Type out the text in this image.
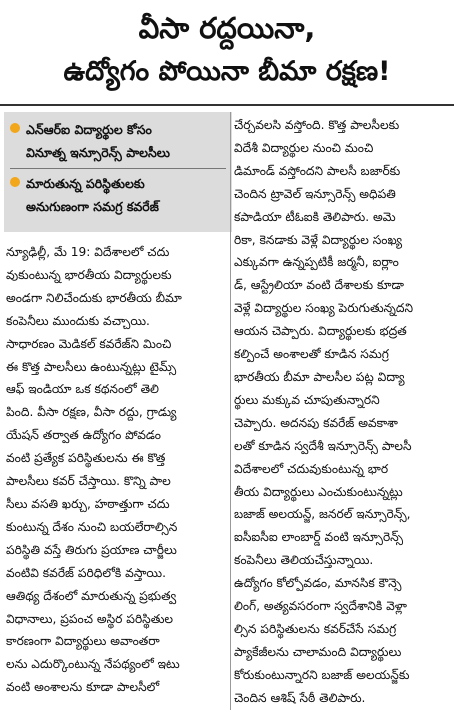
వీసా రద్దయినా,
ఉద్యోగం పోయినా బీమా రక్షణ!
ఎన్ఆర్ఐ విద్యార్థుల కోసం
వినూత్న ఇన్సూరెన్స్ పాలసీలు
మారుతున్న పరిస్థితులకు
అనుగుణంగా సమగ్ర కవరేజ్
న్యూఢిల్లీ, మే 19: విదేశాలలో చదు
వుకుంటున్న భారతీయ విద్యార్థులకు
అండగా నిలిచేందుకు భారతీయ బీమా
కంపెనీలు ముందుకు వచ్చాయి.
సాధారణం మెడికల్ కవరేజ్‌ని మించి
ఈ కొత్త పాలసీలు ఉంటున్నట్లు టైమ్స్
ఆఫ్ ఇండియా ఒక కథనంలో తెలి
పింది. వీసా రక్షణ, వీసా రద్దు, గ్రాడ్యు
యేషన్ తర్వాత ఉద్యోగం పోవడం
వంటి ప్రత్యేక పరిస్థితులను ఈ కొత్త
పాలసీలు కవర్ చేస్తాయి. కొన్ని పాల
సీలు వసతి ఖర్చు, హఠాత్తుగా చదు
కుంటున్న దేశం నుంచి బయలేరాల్సిన
పరిస్థితి వస్తే తిరుగు ప్రయాణ చార్జీలు
వంటివి కవరేజ్ పరిధిలోకి వస్తాయి.
ఆతిథ్య దేశంలో మారుతున్న ప్రభుత్వ
విధానాలు, ప్రపంచ అస్థిర పరిస్థితుల
కారణంగా విద్యార్థులు అవాంతరా
లను ఎదుర్కొంటున్న నేపథ్యంలో ఇటు
వంటి అంశాలను కూడా పాలసీలో
చేర్చవలసి వస్తోంది. కొత్త పాలసీలకు
విదేశీ విద్యార్థుల నుంచి మంచి
డిమాండ్ వస్తోందని పాలసీ బజార్‌కు
చెందిన ట్రావెల్ ఇన్సూరెన్స్ అధిపతి
కపాడియా టీఓఐకి తెలిపారు. అమె
రికా, కెనడాకు వెళ్లే విద్యార్థుల సంఖ్య
ఎక్కువగా ఉన్నప్పటికీ జర్మనీ, ఐర్లాం
డ్, ఆస్ట్రేలియా వంటి దేశాలకు కూడా
వెళ్లే విద్యార్థుల సంఖ్య పెరుగుతున్నదని
ఆయన చెప్పారు. విద్యార్థులకు భద్రత
కల్పించే అంశాలతో కూడిన సమగ్ర
భారతీయ బీమా పాలసీల పట్ల విద్యా
ర్థులు మక్కువ చూపుతున్నారని
చెప్పారు. అదనపు కవరేజ్ అవకాశా
లతో కూడిన స్వదేశీ ఇన్సూరెన్స్ పాలసీ
విదేశాలలో చదువుకుంటున్న భార
తీయ విద్యార్థులు ఎంచుకుంటున్నట్లు
బజాజ్ అలయన్జ్, జనరల్ ఇన్సూరెన్స్,
ఐసీఐసీఐ లాంబార్డ్ వంటి ఇన్సూరెన్స్
కంపెనీలు తెలియచేస్తున్నాయి.
ఉద్యోగం కోల్పోవడం, మానసిక కౌన్సె
లింగ్, అత్యవసరంగా స్వదేశానికి వెళ్లా
ల్సిన పరిస్థితులను కవర్‌చేసే సమగ్ర
ప్యాకేజీలను చాలామంది విద్యార్థులు
కోరుకుంటున్నారని బజాజ్ అలయన్జ్‌కు
చెందిన ఆశిష్ సేఠీ తెలిపారు.
